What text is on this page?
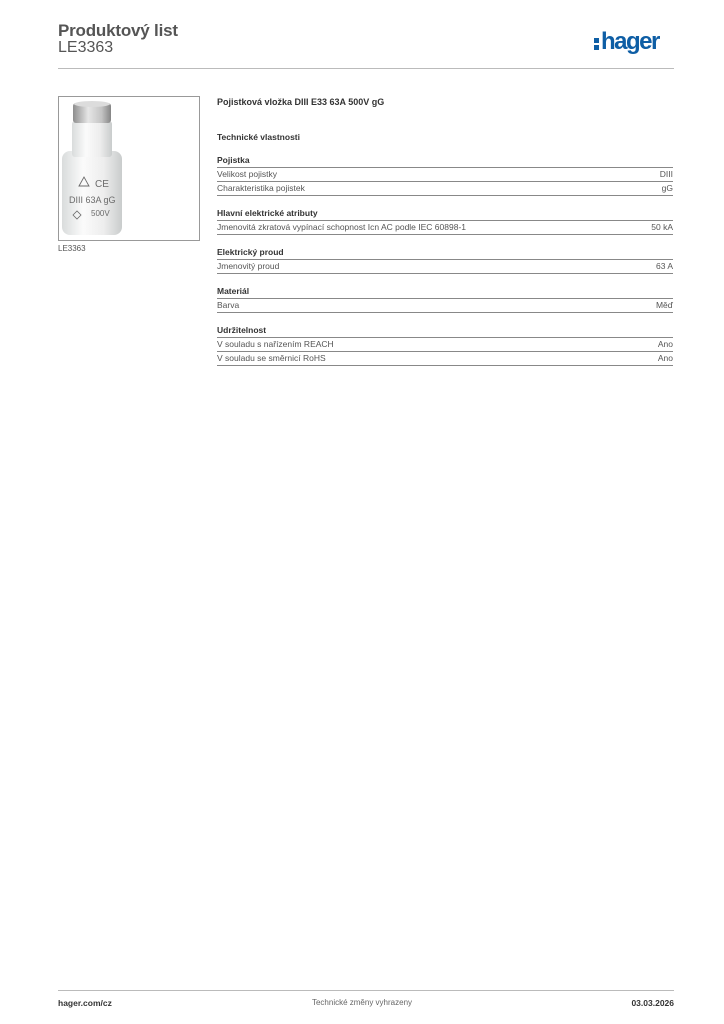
Produktový list
LE3363	hager
CE
DIII 63A gG
500V
LE3363
Pojistková vložka DIII E33 63A 500V gG
Technické vlastnosti
Pojistka
Velikost pojistky	DIII
Charakteristika pojistek	gG
Hlavní elektrické atributy
Jmenovitá zkratová vypínací schopnost Icn AC podle IEC 60898-1	50 kA
Elektrický proud
Jmenovitý proud	63 A
Materiál
Barva	Měď
Udržitelnost
V souladu s nařízením REACH	Ano
V souladu se směrnicí RoHS	Ano
hager.com/cz	Technické změny vyhrazeny	03.03.2026
